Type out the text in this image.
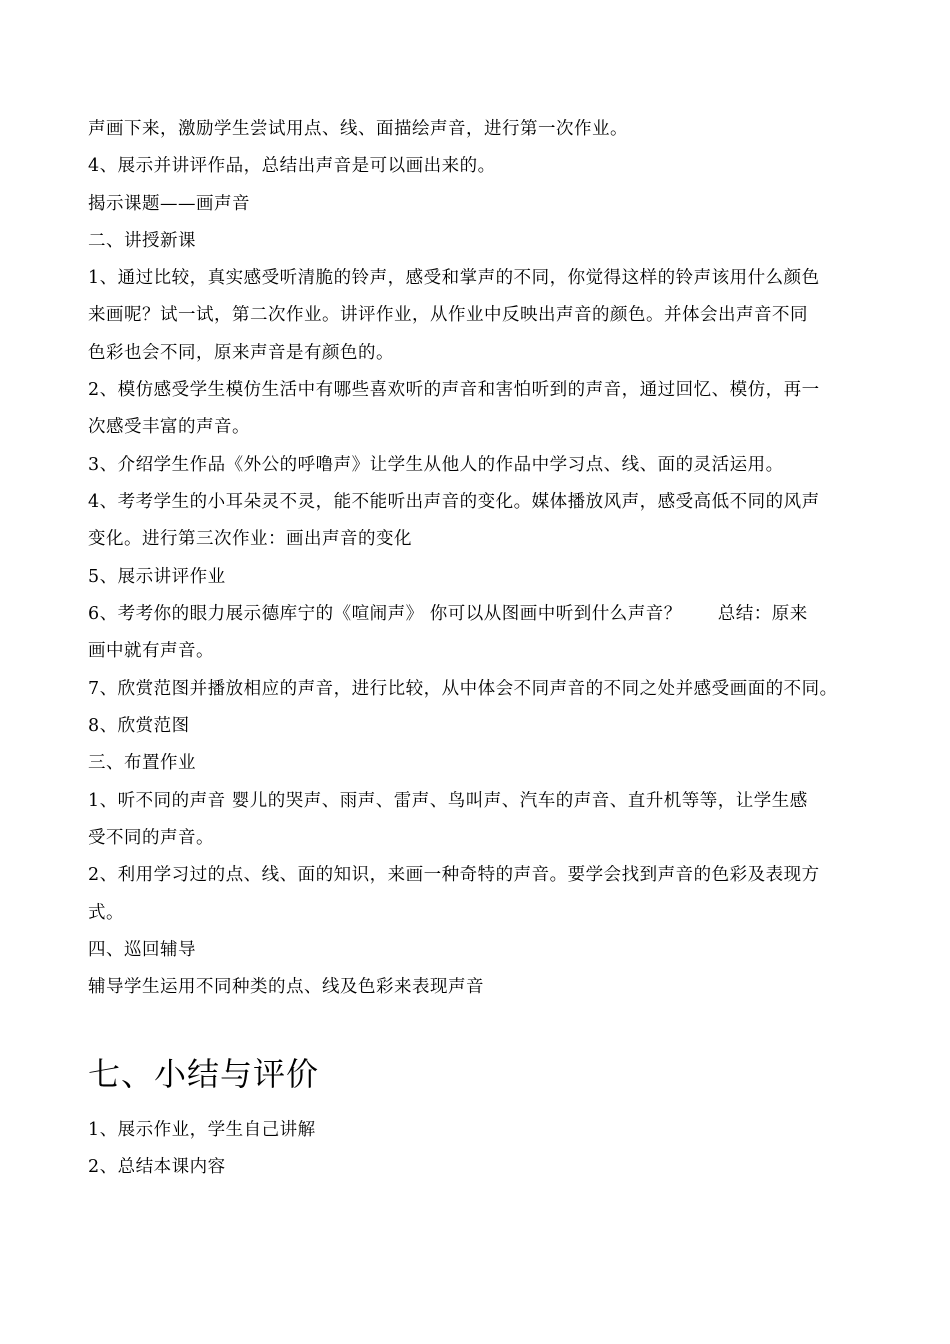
声画下来，激励学生尝试用点、线、面描绘声音，进行第一次作业。
4、展示并讲评作品，总结出声音是可以画出来的。
揭示课题——画声音
二、讲授新课
1、通过比较，真实感受听清脆的铃声，感受和掌声的不同，你觉得这样的铃声该用什么颜色
来画呢？试一试，第二次作业。讲评作业，从作业中反映出声音的颜色。并体会出声音不同
色彩也会不同，原来声音是有颜色的。
2、模仿感受学生模仿生活中有哪些喜欢听的声音和害怕听到的声音，通过回忆、模仿，再一
次感受丰富的声音。
3、介绍学生作品《外公的呼噜声》让学生从他人的作品中学习点、线、面的灵活运用。
4、考考学生的小耳朵灵不灵，能不能听出声音的变化。媒体播放风声，感受高低不同的风声
变化。进行第三次作业：画出声音的变化
5、展示讲评作业
6、考考你的眼力展示德库宁的《喧闹声》 你可以从图画中听到什么声音？　　总结：原来
画中就有声音。
7、欣赏范图并播放相应的声音，进行比较，从中体会不同声音的不同之处并感受画面的不同。
8、欣赏范图
三、布置作业
1、听不同的声音 婴儿的哭声、雨声、雷声、鸟叫声、汽车的声音、直升机等等，让学生感
受不同的声音。
2、利用学习过的点、线、面的知识，来画一种奇特的声音。要学会找到声音的色彩及表现方
式。
四、巡回辅导
辅导学生运用不同种类的点、线及色彩来表现声音
七、小结与评价
1、展示作业，学生自己讲解
2、总结本课内容
